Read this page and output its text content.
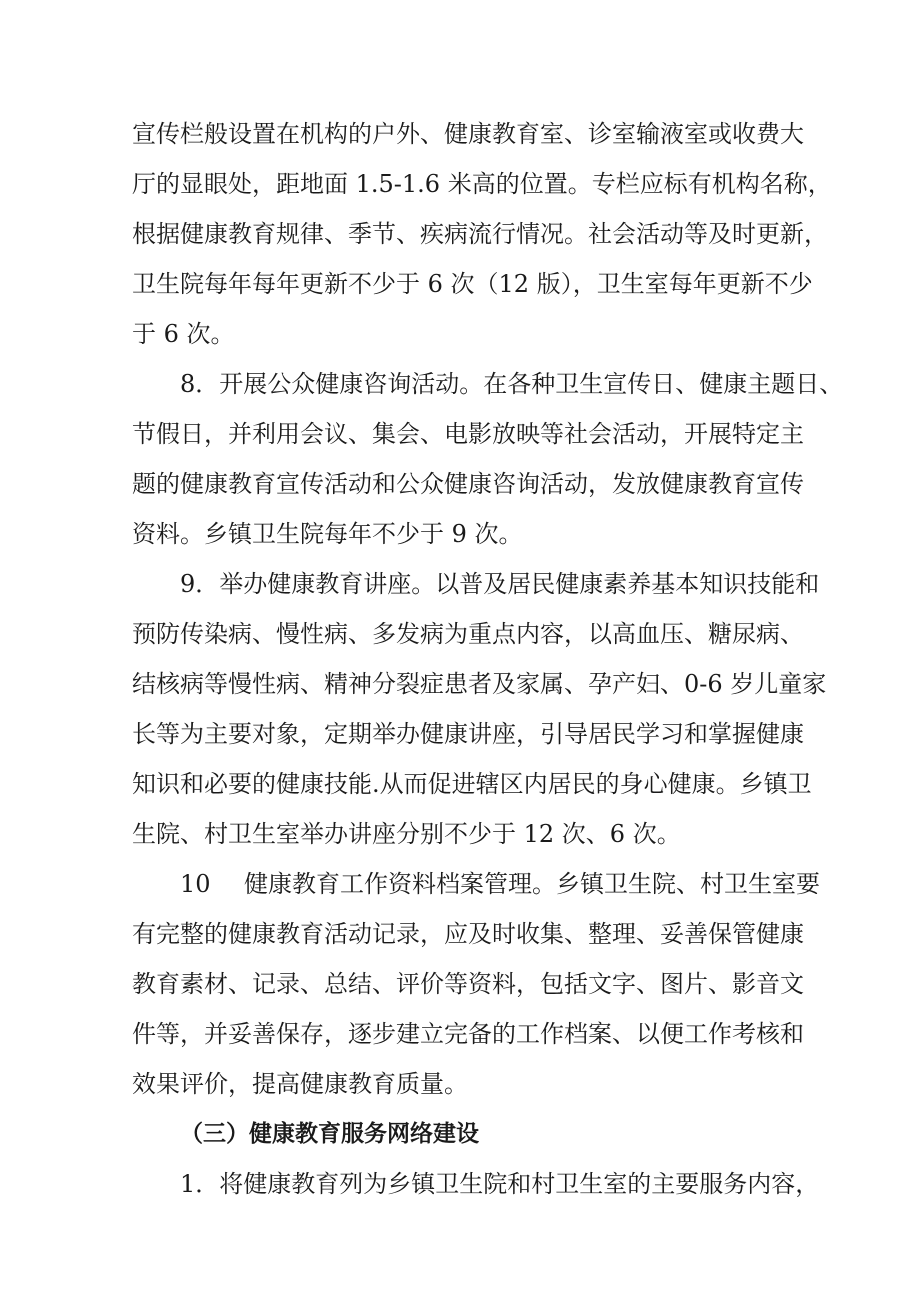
宣传栏般设置在机构的户外、健康教育室、诊室输液室或收费大
厅的显眼处，距地面 1.5-1.6 米高的位置。专栏应标有机构名称，
根据健康教育规律、季节、疾病流行情况。社会活动等及时更新，
卫生院每年每年更新不少于 6 次（12 版），卫生室每年更新不少
于 6 次。
8．开展公众健康咨询活动。在各种卫生宣传日、健康主题日、
节假日，并利用会议、集会、电影放映等社会活动，开展特定主
题的健康教育宣传活动和公众健康咨询活动，发放健康教育宣传
资料。乡镇卫生院每年不少于 9 次。
9．举办健康教育讲座。以普及居民健康素养基本知识技能和
预防传染病、慢性病、多发病为重点内容，以高血压、糖尿病、
结核病等慢性病、精神分裂症患者及家属、孕产妇、0-6 岁儿童家
长等为主要对象，定期举办健康讲座，引导居民学习和掌握健康
知识和必要的健康技能.从而促进辖区内居民的身心健康。乡镇卫
生院、村卫生室举办讲座分别不少于 12 次、6 次。
10 健康教育工作资料档案管理。乡镇卫生院、村卫生室要
有完整的健康教育活动记录，应及时收集、整理、妥善保管健康
教育素材、记录、总结、评价等资料，包括文字、图片、影音文
件等，并妥善保存，逐步建立完备的工作档案、以便工作考核和
效果评价，提高健康教育质量。
（三）健康教育服务网络建设
1．将健康教育列为乡镇卫生院和村卫生室的主要服务内容，
